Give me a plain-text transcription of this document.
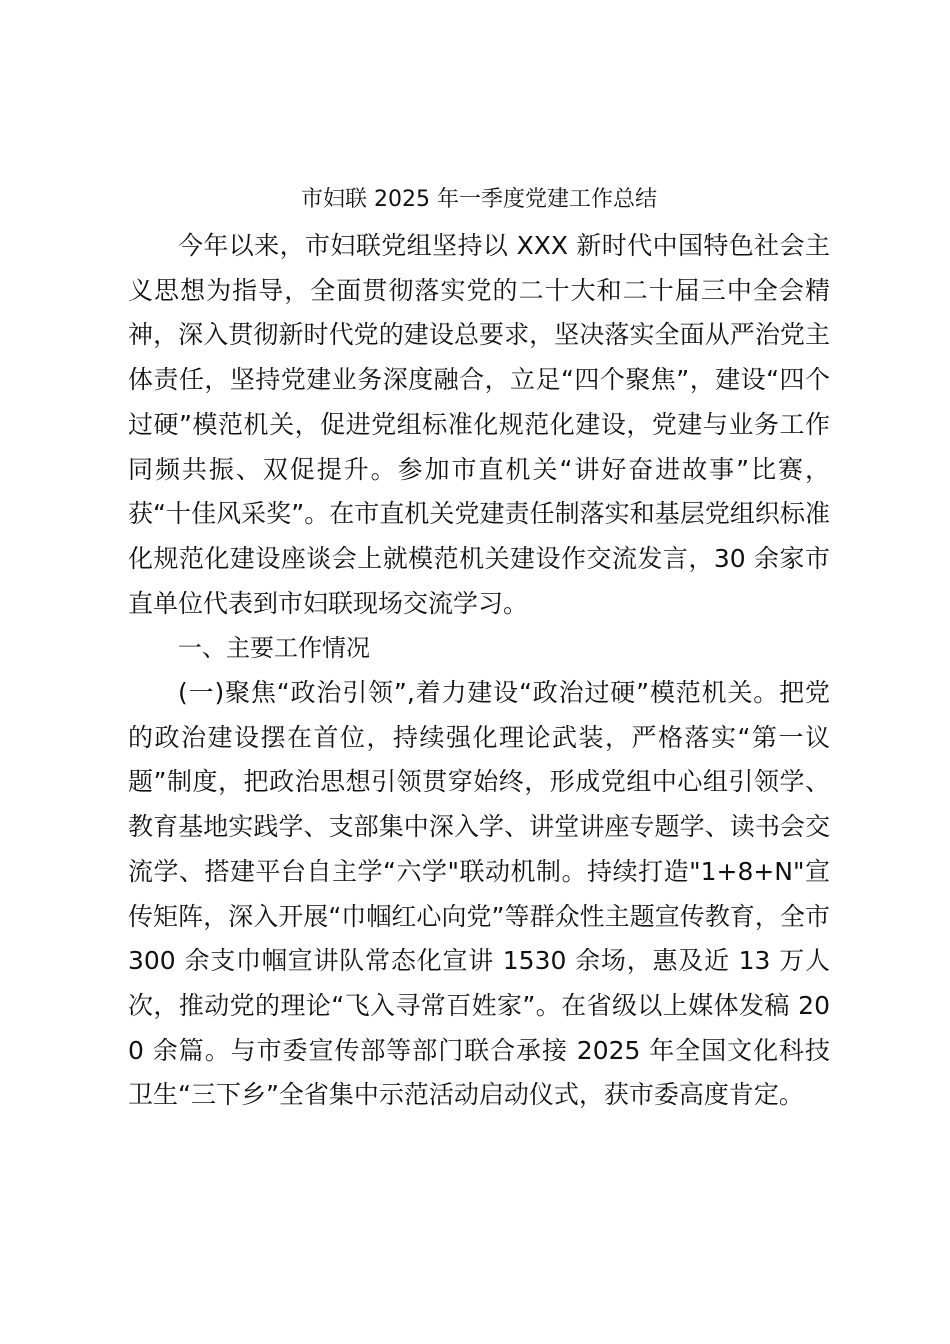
市妇联 2025 年一季度党建工作总结

今年以来，市妇联党组坚持以 XXX 新时代中国特色社会主义思想为指导，全面贯彻落实党的二十大和二十届三中全会精神，深入贯彻新时代党的建设总要求，坚决落实全面从严治党主体责任，坚持党建业务深度融合，立足“四个聚焦”，建设“四个过硬”模范机关，促进党组标准化规范化建设，党建与业务工作同频共振、双促提升。参加市直机关“讲好奋进故事”比赛，获“十佳风采奖”。在市直机关党建责任制落实和基层党组织标准化规范化建设座谈会上就模范机关建设作交流发言，30 余家市直单位代表到市妇联现场交流学习。

一、主要工作情况

(一)聚焦“政治引领”,着力建设“政治过硬”模范机关。把党的政治建设摆在首位，持续强化理论武装，严格落实“第一议题”制度，把政治思想引领贯穿始终，形成党组中心组引领学、教育基地实践学、支部集中深入学、讲堂讲座专题学、读书会交流学、搭建平台自主学“六学"联动机制。持续打造"1+8+N"宣传矩阵，深入开展“巾帼红心向党”等群众性主题宣传教育，全市 300 余支巾帼宣讲队常态化宣讲 1530 余场，惠及近 13 万人次，推动党的理论“飞入寻常百姓家”。在省级以上媒体发稿 200 余篇。与市委宣传部等部门联合承接 2025 年全国文化科技卫生“三下乡”全省集中示范活动启动仪式，获市委高度肯定。
